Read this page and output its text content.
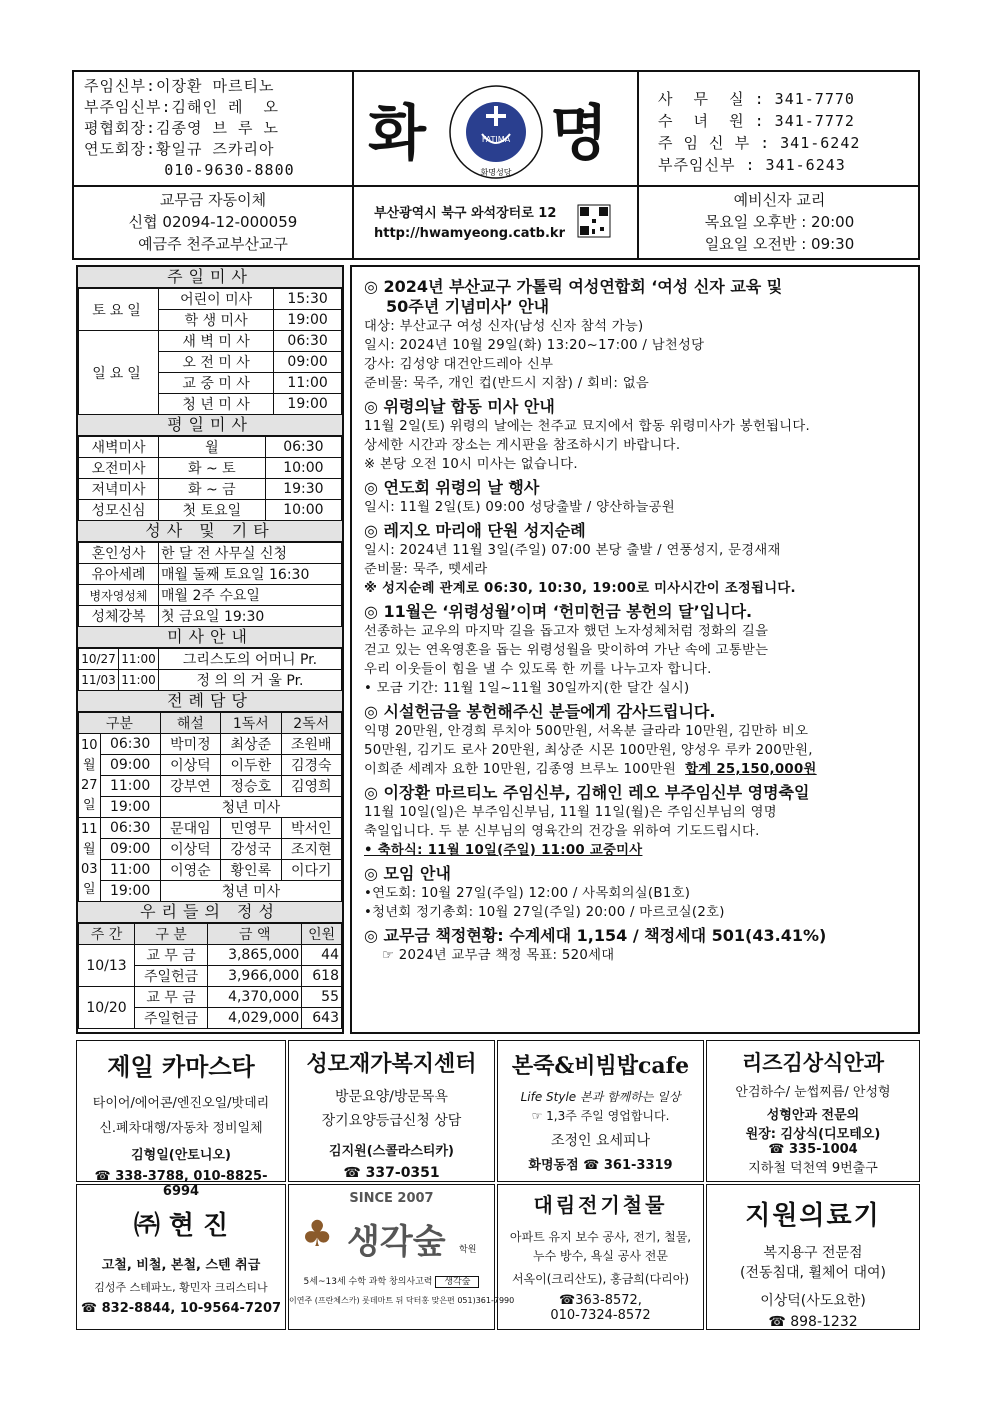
주임신부:이장환 마르티노
부주임신부:김해인 레  오
평협회장:김종영 브 루 노
연도회장:황일규 즈카리아
010-9630-8800
화 명
FATIMA
화명성당
사  무  실 : 341-7770
수  녀  원 : 341-7772
주 임 신 부 : 341-6242
부주임신부 : 341-6243
교무금 자동이체
신협 02094-12-000059
예금주 천주교부산교구
부산광역시 북구 와석장터로 12
http://hwamyeong.catb.kr
예비신자 교리
목요일 오후반 : 20:00
일요일 오전반 : 09:30
주일미사
토요일	어린이 미사	15:30
	학 생 미사	19:00
일요일	새 벽 미 사	06:30
	오 전 미 사	09:00
	교 중 미 사	11:00
	청 년 미 사	19:00
평일미사
새벽미사	월	06:30
오전미사	화 ~ 토	10:00
저녁미사	화 ~ 금	19:30
성모신심	첫 토요일	10:00
성사 및 기타
혼인성사	한 달 전 사무실 신청
유아세례	매월 둘째 토요일 16:30
병자영성체	매월 2주 수요일
성체강복	첫 금요일 19:30
미사안내
10/27	11:00	그리스도의 어머니 Pr.
11/03	11:00	정 의 의 거 울 Pr.
전례담당
구분		해설	1독서	2독서
10월27일	06:30	박미정	최상준	조원배
	09:00	이상덕	이두한	김경숙
	11:00	강부연	정승호	김영희
	19:00	청년 미사		
11월03일	06:30	문대임	민영무	박서인
	09:00	이상덕	강성국	조지현
	11:00	이영순	황인록	이다기
	19:00	청년 미사		
우리들의 정성
주 간	구 분	금 액	인원
10/13	교 무 금	3,865,000	44
	주일헌금	3,966,000	618
10/20	교 무 금	4,370,000	55
	주일헌금	4,029,000	643
◎ 2024년 부산교구 가톨릭 여성연합회 ‘여성 신자 교육 및
50주년 기념미사’ 안내

대상: 부산교구 여성 신자(남성 신자 참석 가능)

일시: 2024년 10월 29일(화) 13:20~17:00 / 남천성당

강사: 김성양 대건안드레아 신부

준비물: 묵주, 개인 컵(반드시 지참) / 회비: 없음

◎ 위령의날 합동 미사 안내

11월 2일(토) 위령의 날에는 천주교 묘지에서 합동 위령미사가 봉헌됩니다.

상세한 시간과 장소는 게시판을 참조하시기 바랍니다.

※ 본당 오전 10시 미사는 없습니다.

◎ 연도회 위령의 날 행사

일시: 11월 2일(토) 09:00 성당출발 / 양산하늘공원

◎ 레지오 마리애 단원 성지순례

일시: 2024년 11월 3일(주일) 07:00 본당 출발 / 연풍성지, 문경새재

준비물: 묵주, 뗏세라

※ 성지순례 관계로 06:30, 10:30, 19:00로 미사시간이 조정됩니다.

◎ 11월은 ‘위령성월’이며 ‘헌미헌금 봉헌의 달’입니다.

선종하는 교우의 마지막 길을 돕고자 했던 노자성체처럼 정화의 길을

걷고 있는 연옥영혼을 돕는 위령성월을 맞이하여 가난 속에 고통받는

우리 이웃들이 힘을 낼 수 있도록 한 끼를 나누고자 합니다.

• 모금 기간: 11월 1일~11월 30일까지(한 달간 실시)

◎ 시설헌금을 봉헌해주신 분들에게 감사드립니다.

익명 20만원, 안경희 루치아 500만원, 서옥분 글라라 10만원, 김만하 비오

50만원, 김기도 로사 20만원, 최상준 시몬 100만원, 양성우 루카 200만원,

이희준 세례자 요한 10만원, 김종영 브루노 100만원 합계 25,150,000원

◎ 이장환 마르티노 주임신부, 김해인 레오 부주임신부 영명축일

11월 10일(일)은 부주임신부님, 11월 11일(월)은 주임신부님의 영명

축일입니다. 두 분 신부님의 영육간의 건강을 위하여 기도드립시다.

• 축하식: 11월 10일(주일) 11:00 교중미사

◎ 모임 안내

•연도회: 10월 27일(주일) 12:00 / 사목회의실(B1호)

•청년회 정기총회: 10월 27일(주일) 20:00 / 마르코실(2호)

◎ 교무금 책정현황: 수계세대 1,154 / 책정세대 501(43.41%)

☞ 2024년 교무금 책정 목표: 520세대

제일 카마스타
타이어/에어콘/엔진오일/밧데리
신.폐차대행/자동차 정비일체
김형일(안토니오)
☎ 338-3788, 010-8825-6994
성모재가복지센터
방문요양/방문목욕
장기요양등급신청 상담
김지원(스콜라스티카)
☎ 337-0351
본죽&비빔밥cafe
Life Style 본과 함께하는 일상
☞ 1,3주 주일 영업합니다.
조정인 요세피나
화명동점 ☎ 361-3319
리즈김상식안과
안검하수/ 눈썹찌름/ 안성형
성형안과 전문의
원장: 김상식(디모테오)
☎ 335-1004
지하철 덕천역 9번출구
㈜ 현 진
고철, 비철, 본철, 스텐 취급
김성주 스테파노, 황민자 크리스티나
☎ 832-8844, 10-9564-7207
SINCE 2007
♣ 생각숲 학원
5세~13세 수학 과학 창의사고력 생각숲
이연주 (프란체스카) 롯데마트 뒤 닥터홍 맞은편 051)361-7990
대림전기철물
아파트 유지 보수 공사, 전기, 철물,
누수 방수, 욕실 공사 전문
서옥이(크리산도), 홍금희(다리아)
☎363-8572,
010-7324-8572
지원의료기
복지용구 전문점
(전동침대, 휠체어 대여)
이상덕(사도요한)
☎ 898-1232
